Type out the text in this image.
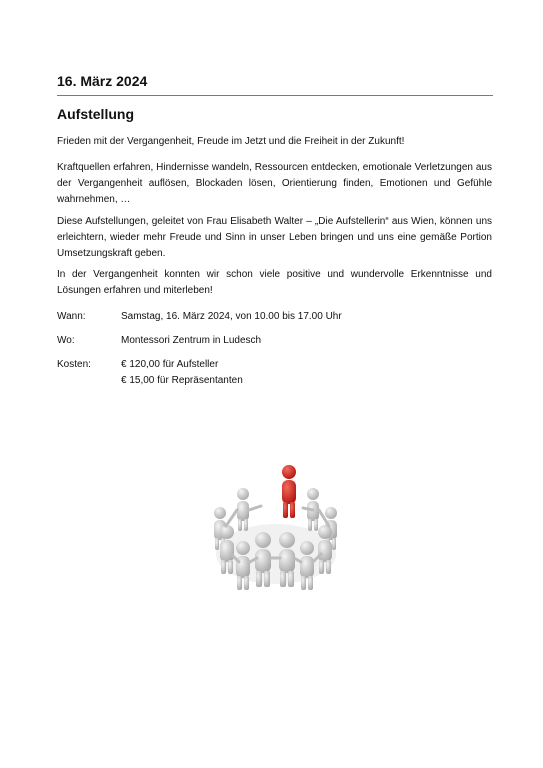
16. März 2024
Aufstellung

Frieden mit der Vergangenheit, Freude im Jetzt und die Freiheit in der Zukunft!

Kraftquellen erfahren, Hindernisse wandeln, Ressourcen entdecken, emotionale Verletzungen aus der Vergangenheit auflösen, Blockaden lösen, Orientierung finden, Emotionen und Gefühle wahrnehmen, …

Diese Aufstellungen, geleitet von Frau Elisabeth Walter – „Die Aufstellerin“ aus Wien, können uns erleichtern, wieder mehr Freude und Sinn in unser Leben bringen und uns eine gemäße Portion Umsetzungskraft geben.

In der Vergangenheit konnten wir schon viele positive und wundervolle Erkenntnisse und Lösungen erfahren und miterleben!

Wann:	Samstag, 16. März 2024, von 10.00 bis 17.00 Uhr
Wo:	Montessori Zentrum in Ludesch
Kosten:	€ 120,00 für Aufsteller
€ 15,00 für Repräsentanten
